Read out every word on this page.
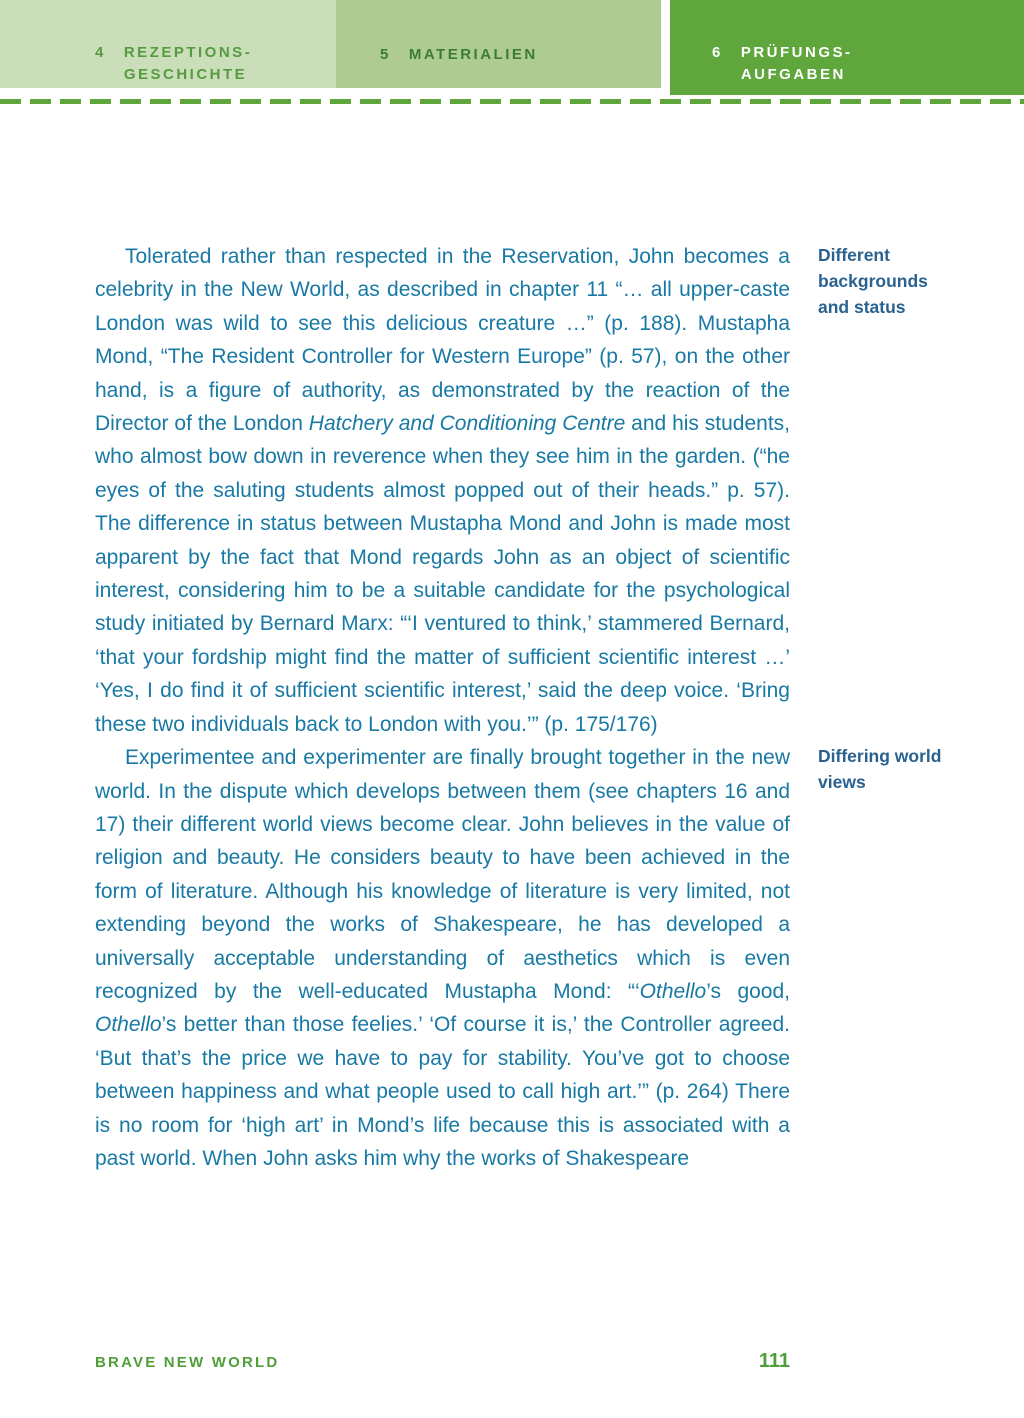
4 REZEPTIONS-
GESCHICHTE
5 MATERIALIEN	6 PRÜFUNGS-
AUFGABEN

Tolerated rather than respected in the Reservation, John becomes a celebrity in the New World, as described in chapter 11 “… all upper-caste London was wild to see this delicious creature …” (p. 188). Mustapha Mond, “The Resident Controller for Western Europe” (p. 57), on the other hand, is a figure of authority, as demonstrated by the reaction of the Director of the London Hatchery and Conditioning Centre and his students, who almost bow down in reverence when they see him in the garden. (“he eyes of the saluting students almost popped out of their heads.” p. 57). The difference in status between Mustapha Mond and John is made most apparent by the fact that Mond regards John as an object of scientific interest, considering him to be a suitable candidate for the psychological study initiated by Bernard Marx: “‘I ventured to think,’ stammered Bernard, ‘that your fordship might find the matter of sufficient scientific interest …’ ‘Yes, I do find it of sufficient scientific interest,’ said the deep voice. ‘Bring these two individuals back to London with you.’” (p. 175/176)

Different backgrounds and status

Experimentee and experimenter are finally brought together in the new world. In the dispute which develops between them (see chapters 16 and 17) their different world views become clear. John believes in the value of religion and beauty. He considers beauty to have been achieved in the form of literature. Although his knowledge of literature is very limited, not extending beyond the works of Shakespeare, he has developed a universally acceptable understanding of aesthetics which is even recognized by the well-educated Mustapha Mond: “‘Othello’s good, Othello’s better than those feelies.’ ‘Of course it is,’ the Controller agreed. ‘But that’s the price we have to pay for stability. You’ve got to choose between happiness and what people used to call high art.’” (p. 264) There is no room for ‘high art’ in Mond’s life because this is associated with a past world. When John asks him why the works of Shakespeare

Differing world views
BRAVE NEW WORLD	111
